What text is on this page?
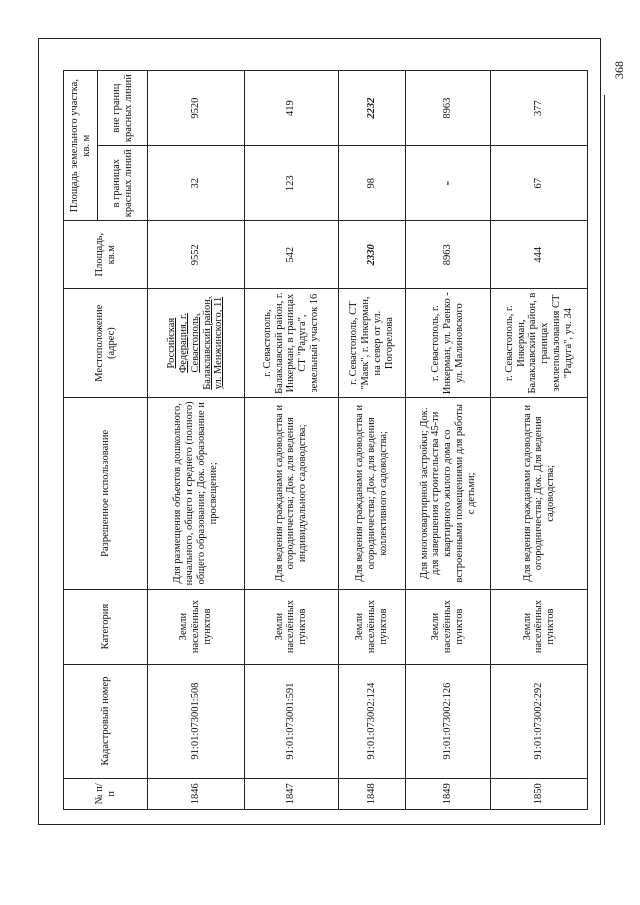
368
№ п/п	Кадастровый номер	Категория	Разрешенное использование	Местоположение (адрес)	Площадь, кв.м	Площадь земельного участка, кв. м	
						в границах красных линий	вне границ красных линий
1846	91:01:073001:508	Земли населённых пунктов	Для размещения объектов дошкольного, начального, общего и среднего (полного) общего образования; Док. образование и просвещение;	Российская Федерация, г. Севастополь, Балаклавский район, ул. Менжинского, 11	9552	32	9520
1847	91:01:073001:591	Земли населённых пунктов	Для ведения гражданами садоводства и огородничества; Док. для ведения индивидуального садоводства;	г. Севастополь, Балаклавский район, г. Инкерман, в границах СТ "Радуга", земельный участок 16	542	123	419
1848	91:01:073002:124	Земли населённых пунктов	Для ведения гражданами садоводства и огородничества; Док. для ведения коллективного садоводства;	г. Севастополь, СТ "Маяк", г. Инкерман, на север от ул. Погорелова	2330	98	2232
1849	91:01:073002:126	Земли населённых пунктов	Для многоквартирной застройки; Док. для завершения строительства 45-ти квартирного жилого дома со встроенными помещениями для работы с детьми;	г. Севастополь, г. Инкерман, ул. Раенко - ул. Малиновского	8963	-	8963
1850	91:01:073002:292	Земли населённых пунктов	Для ведения гражданами садоводства и огородничества; Док. Для ведения садоводства;	г. Севастополь, г. Инкерман, Балаклавский район, в границах землепользования СТ "Радуга", уч. 34	444	67	377
